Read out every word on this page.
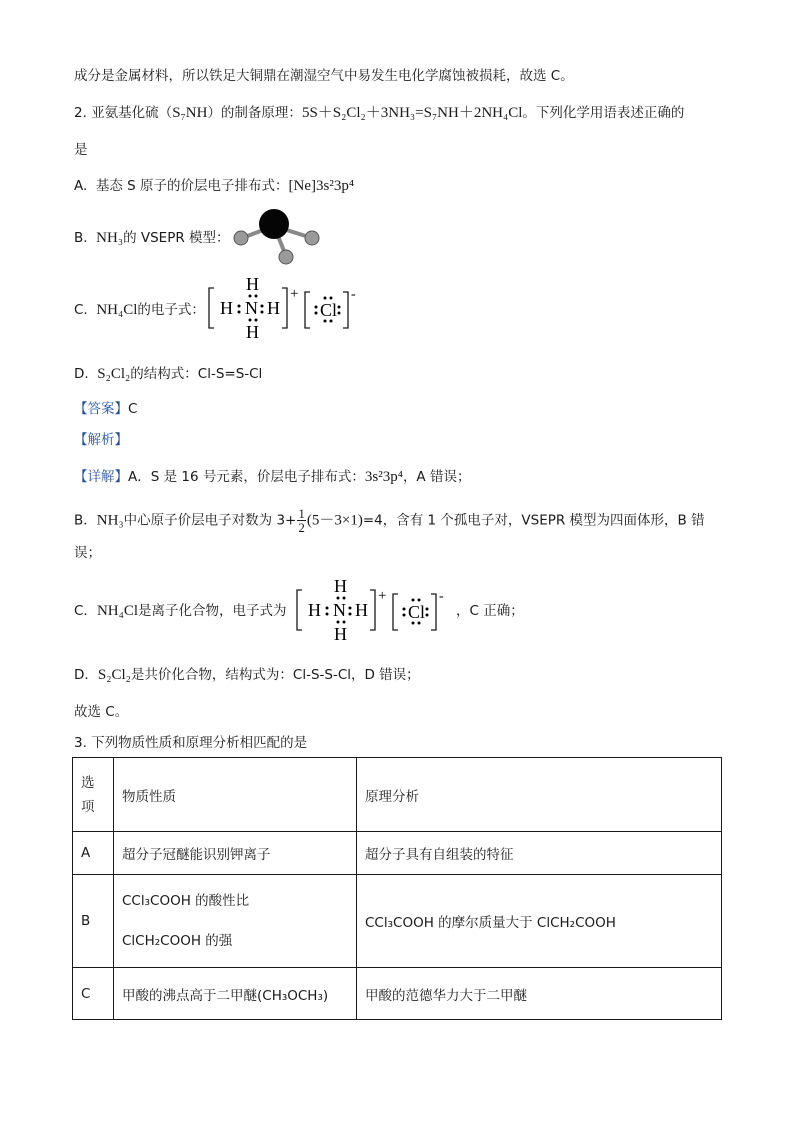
成分是金属材料，所以铁足大铜鼎在潮湿空气中易发生电化学腐蚀被损耗，故选 C。
2. 亚氨基化硫（S₇NH）的制备原理：5S＋S₂Cl₂＋3NH₃=S₇NH＋2NH₄Cl。下列化学用语表述正确的
是
A. 基态 S 原子的价层电子排布式：[Ne]3s²3p⁴
B. NH₃的 VSEPR 模型：
C. NH₄Cl的电子式： H
H
N
H
H
+
Cl
-
D. S₂Cl₂的结构式：Cl-S=S-Cl
【答案】C
【解析】
【详解】A．S 是 16 号元素，价层电子排布式：3s²3p⁴，A 错误；
B．NH₃中心原子价层电子对数为 $3+ \frac{1}{2} (5-3\times 1)=4$，含有 1 个孤电子对，VSEPR 模型为四面体形，B 错
误；
C．NH₄Cl是离子化合物，电子式为 H
H
N
H
H
+
Cl
-
，C 正确；
D．S₂Cl₂是共价化合物，结构式为：Cl-S-S-Cl，D 错误；
故选 C。
3. 下列物质性质和原理分析相匹配的是
选
项	物质性质	原理分析
A	超分子冠醚能识别钾离子	超分子具有自组装的特征
B	CCl₃COOH 的酸性比
ClCH₂COOH 的强	CCl₃COOH 的摩尔质量大于 ClCH₂COOH
C	甲酸的沸点高于二甲醚(CH₃OCH₃)	甲酸的范德华力大于二甲醚
